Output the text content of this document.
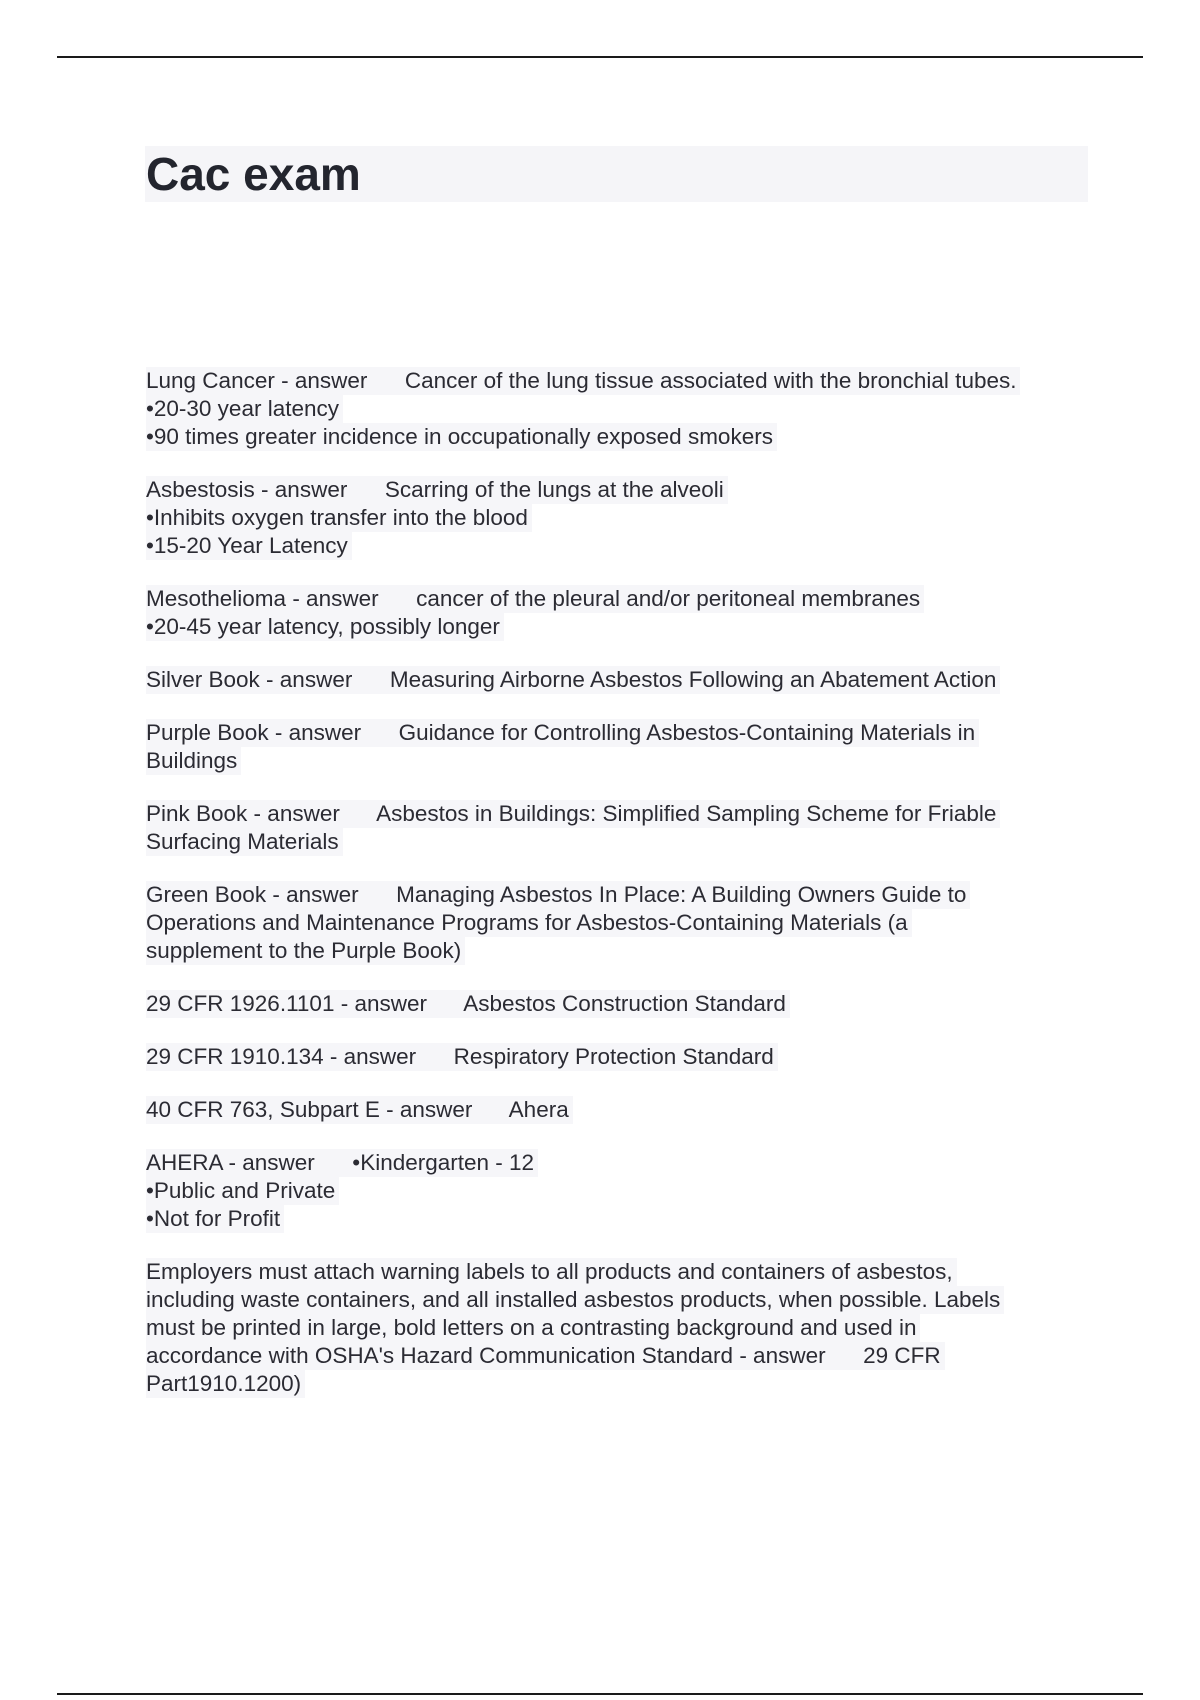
Cac exam
Lung Cancer - answer      Cancer of the lung tissue associated with the bronchial tubes.
•20-30 year latency
•90 times greater incidence in occupationally exposed smokers
Asbestosis - answer      Scarring of the lungs at the alveoli
•Inhibits oxygen transfer into the blood
•15-20 Year Latency
Mesothelioma - answer      cancer of the pleural and/or peritoneal membranes
•20-45 year latency, possibly longer
Silver Book - answer      Measuring Airborne Asbestos Following an Abatement Action
Purple Book - answer      Guidance for Controlling Asbestos-Containing Materials in
Buildings
Pink Book - answer      Asbestos in Buildings: Simplified Sampling Scheme for Friable
Surfacing Materials
Green Book - answer      Managing Asbestos In Place: A Building Owners Guide to
Operations and Maintenance Programs for Asbestos-Containing Materials (a
supplement to the Purple Book)
29 CFR 1926.1101 - answer      Asbestos Construction Standard
29 CFR 1910.134 - answer      Respiratory Protection Standard
40 CFR 763, Subpart E - answer      Ahera
AHERA - answer      •Kindergarten - 12
•Public and Private
•Not for Profit
Employers must attach warning labels to all products and containers of asbestos,
including waste containers, and all installed asbestos products, when possible. Labels
must be printed in large, bold letters on a contrasting background and used in
accordance with OSHA's Hazard Communication Standard - answer      29 CFR
Part1910.1200)
